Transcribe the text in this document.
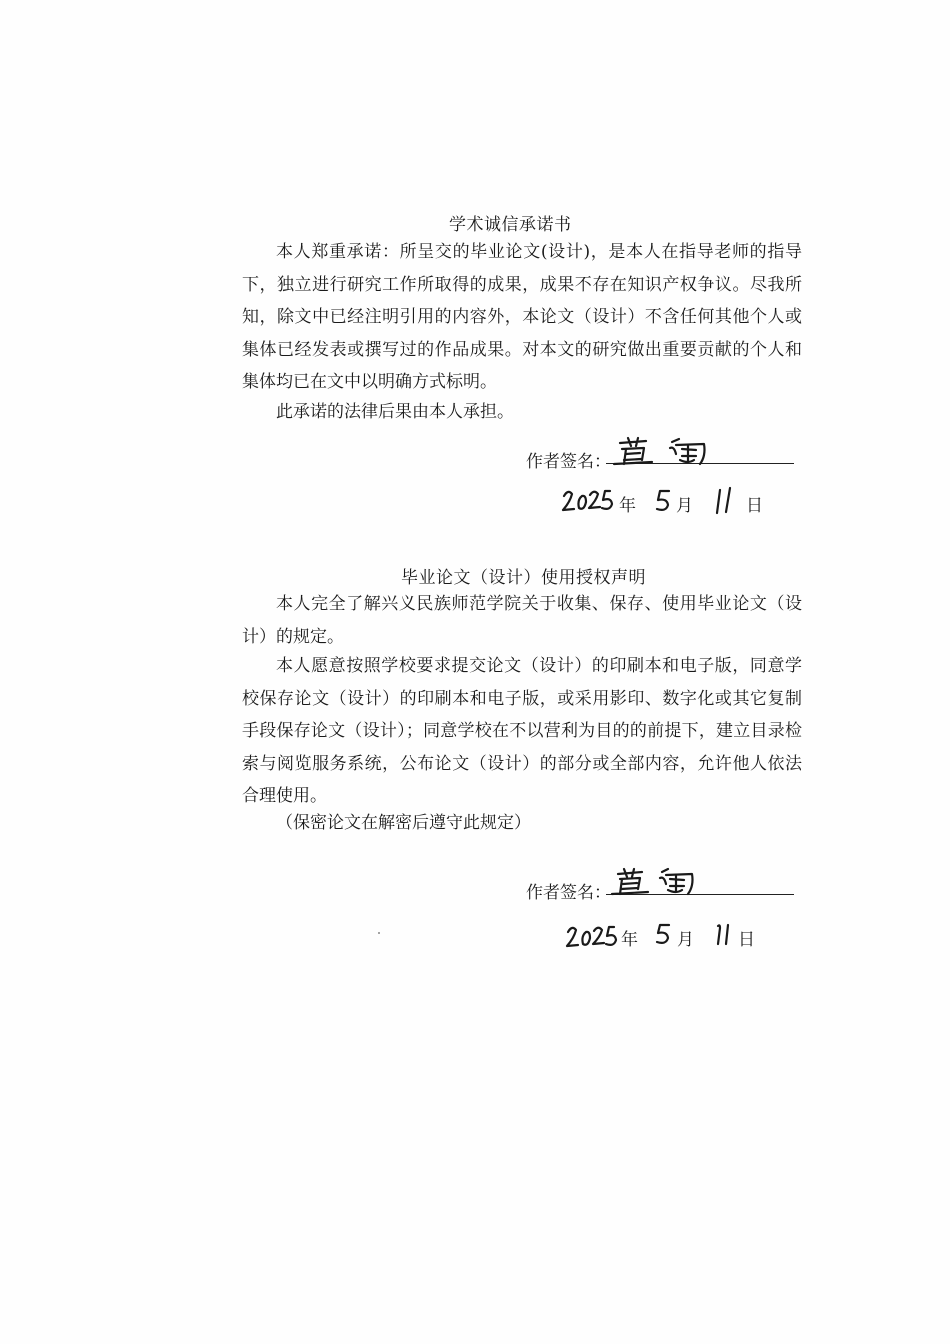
学术诚信承诺书

本人郑重承诺：所呈交的毕业论文(设计)，是本人在指导老师的指导下，独立进行研究工作所取得的成果，成果不存在知识产权争议。尽我所知，除文中已经注明引用的内容外，本论文（设计）不含任何其他个人或集体已经发表或撰写过的作品成果。对本文的研究做出重要贡献的个人和集体均已在文中以明确方式标明。

此承诺的法律后果由本人承担。

作者签名：
年 月	日
毕业论文（设计）使用授权声明

本人完全了解兴义民族师范学院关于收集、保存、使用毕业论文（设计）的规定。

本人愿意按照学校要求提交论文（设计）的印刷本和电子版，同意学校保存论文（设计）的印刷本和电子版，或采用影印、数字化或其它复制手段保存论文（设计）；同意学校在不以营利为目的的前提下，建立目录检索与阅览服务系统，公布论文（设计）的部分或全部内容，允许他人依法合理使用。

（保密论文在解密后遵守此规定）

作者签名：
年 月	日
